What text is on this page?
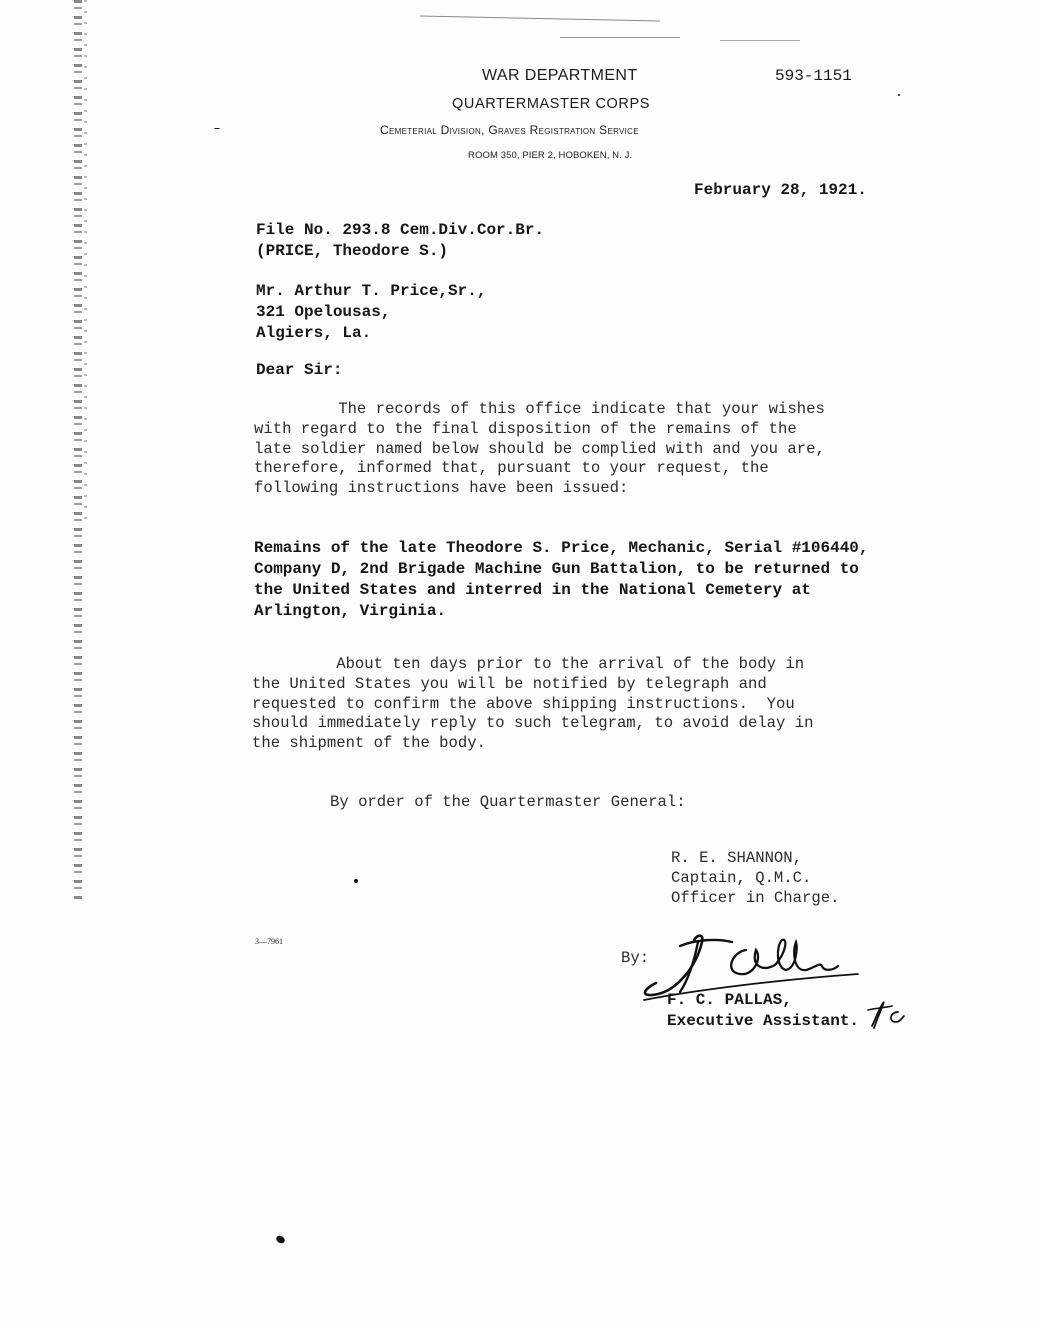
WAR DEPARTMENT
QUARTERMASTER CORPS
Cemeterial Division, Graves Registration Service
ROOM 350, PIER 2, HOBOKEN, N. J.
593-1151
February 28, 1921.
File No. 293.8 Cem.Div.Cor.Br.
(PRICE, Theodore S.)
Mr. Arthur T. Price,Sr.,
321 Opelousas,
Algiers, La.
Dear Sir:
The records of this office indicate that your wishes
with regard to the final disposition of the remains of the
late soldier named below should be complied with and you are,
therefore, informed that, pursuant to your request, the
following instructions have been issued:
Remains of the late Theodore S. Price, Mechanic, Serial #106440,
Company D, 2nd Brigade Machine Gun Battalion, to be returned to
the United States and interred in the National Cemetery at
Arlington, Virginia.
About ten days prior to the arrival of the body in
the United States you will be notified by telegraph and
requested to confirm the above shipping instructions.  You
should immediately reply to such telegram, to avoid delay in
the shipment of the body.
By order of the Quartermaster General:
R. E. SHANNON,
Captain, Q.M.C.
Officer in Charge.
3—7961
By:
F. C. PALLAS,
Executive Assistant.
